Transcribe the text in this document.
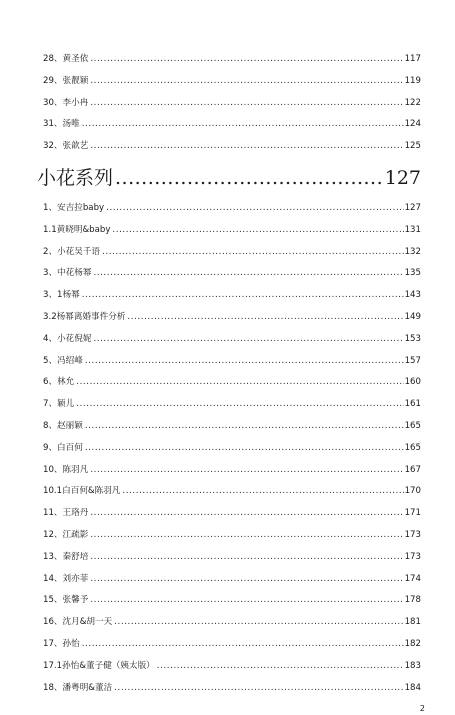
28、黄圣依 .....	117
29、张靓颖 .....	119
30、李小冉 .....	122
31、汤唯 .....	124
32、张歆艺 .....	125
小花系列 .....	127
1、安吉拉baby .....	127
1.1黄晓明&baby .....	131
2、小花吴千语 .....	132
3、中花杨幂 .....	135
3、1杨幂 .....	143
3.2杨幂离婚事件分析 .....	149
4、小花倪妮 .....	153
5、冯绍峰 .....	157
6、林允 .....	160
7、颖儿 .....	161
8、赵丽颖 .....	165
9、白百何 .....	165
10、陈羽凡 .....	167
10.1白百何&陈羽凡 .....	170
11、王珞丹 .....	171
12、江疏影 .....	173
13、秦舒培 .....	173
14、刘亦菲 .....	174
15、张馨予 .....	178
16、沈月&胡一天 .....	181
17、孙怡 .....	182
17.1孙怡&董子健（姨太版） .....	183
18、潘粤明&董洁 .....	184
2
